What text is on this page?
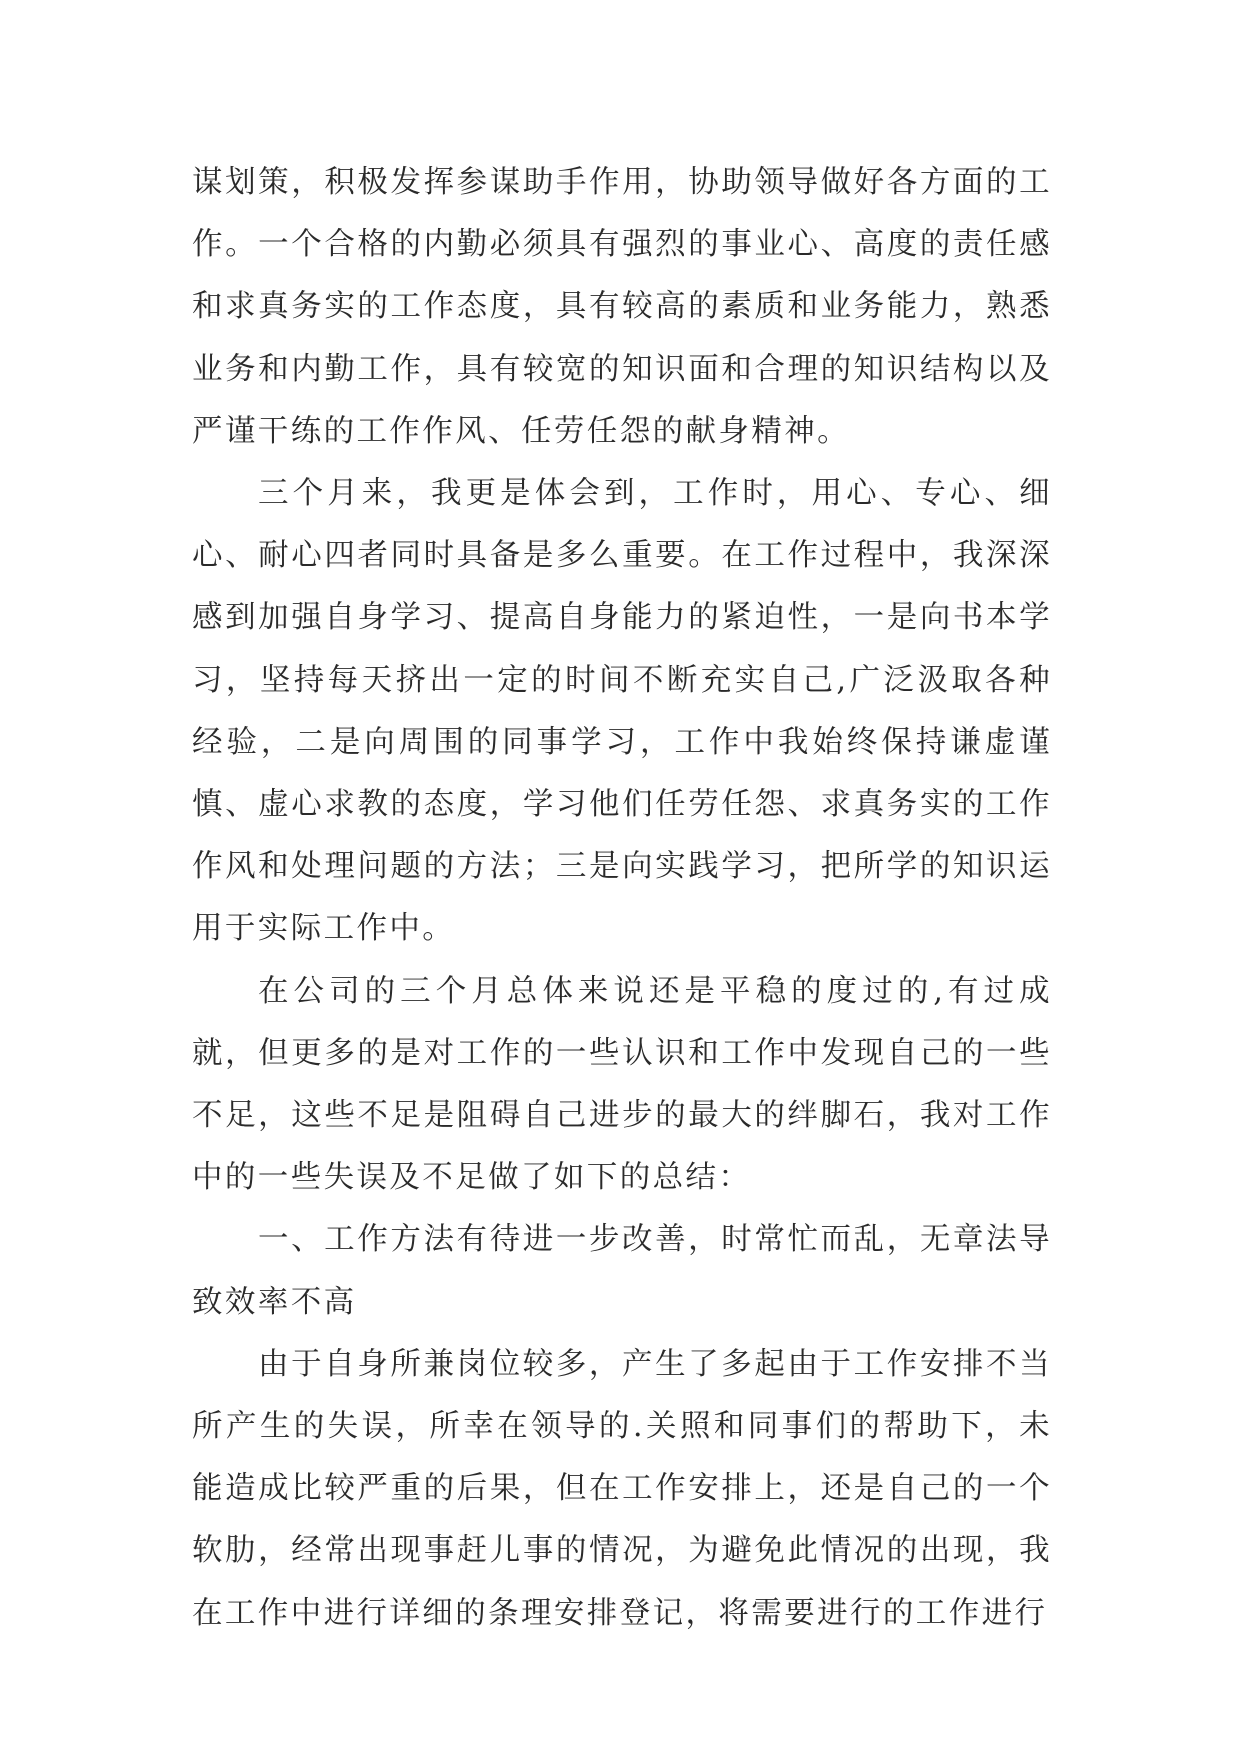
谋划策，积极发挥参谋助手作用，协助领导做好各方面的工作。一个合格的内勤必须具有强烈的事业心、高度的责任感和求真务实的工作态度，具有较高的素质和业务能力，熟悉业务和内勤工作，具有较宽的知识面和合理的知识结构以及严谨干练的工作作风、任劳任怨的献身精神。

三个月来，我更是体会到，工作时，用心、专心、细心、耐心四者同时具备是多么重要。在工作过程中，我深深感到加强自身学习、提高自身能力的紧迫性，一是向书本学习，坚持每天挤出一定的时间不断充实自己,广泛汲取各种经验，二是向周围的同事学习，工作中我始终保持谦虚谨慎、虚心求教的态度，学习他们任劳任怨、求真务实的工作作风和处理问题的方法；三是向实践学习，把所学的知识运用于实际工作中。

在公司的三个月总体来说还是平稳的度过的,有过成就，但更多的是对工作的一些认识和工作中发现自己的一些不足，这些不足是阻碍自己进步的最大的绊脚石，我对工作中的一些失误及不足做了如下的总结：

一、工作方法有待进一步改善，时常忙而乱，无章法导致效率不高

由于自身所兼岗位较多，产生了多起由于工作安排不当所产生的失误，所幸在领导的.关照和同事们的帮助下，未能造成比较严重的后果，但在工作安排上，还是自己的一个软肋，经常出现事赶儿事的情况，为避免此情况的出现，我在工作中进行详细的条理安排登记，将需要进行的工作进行
